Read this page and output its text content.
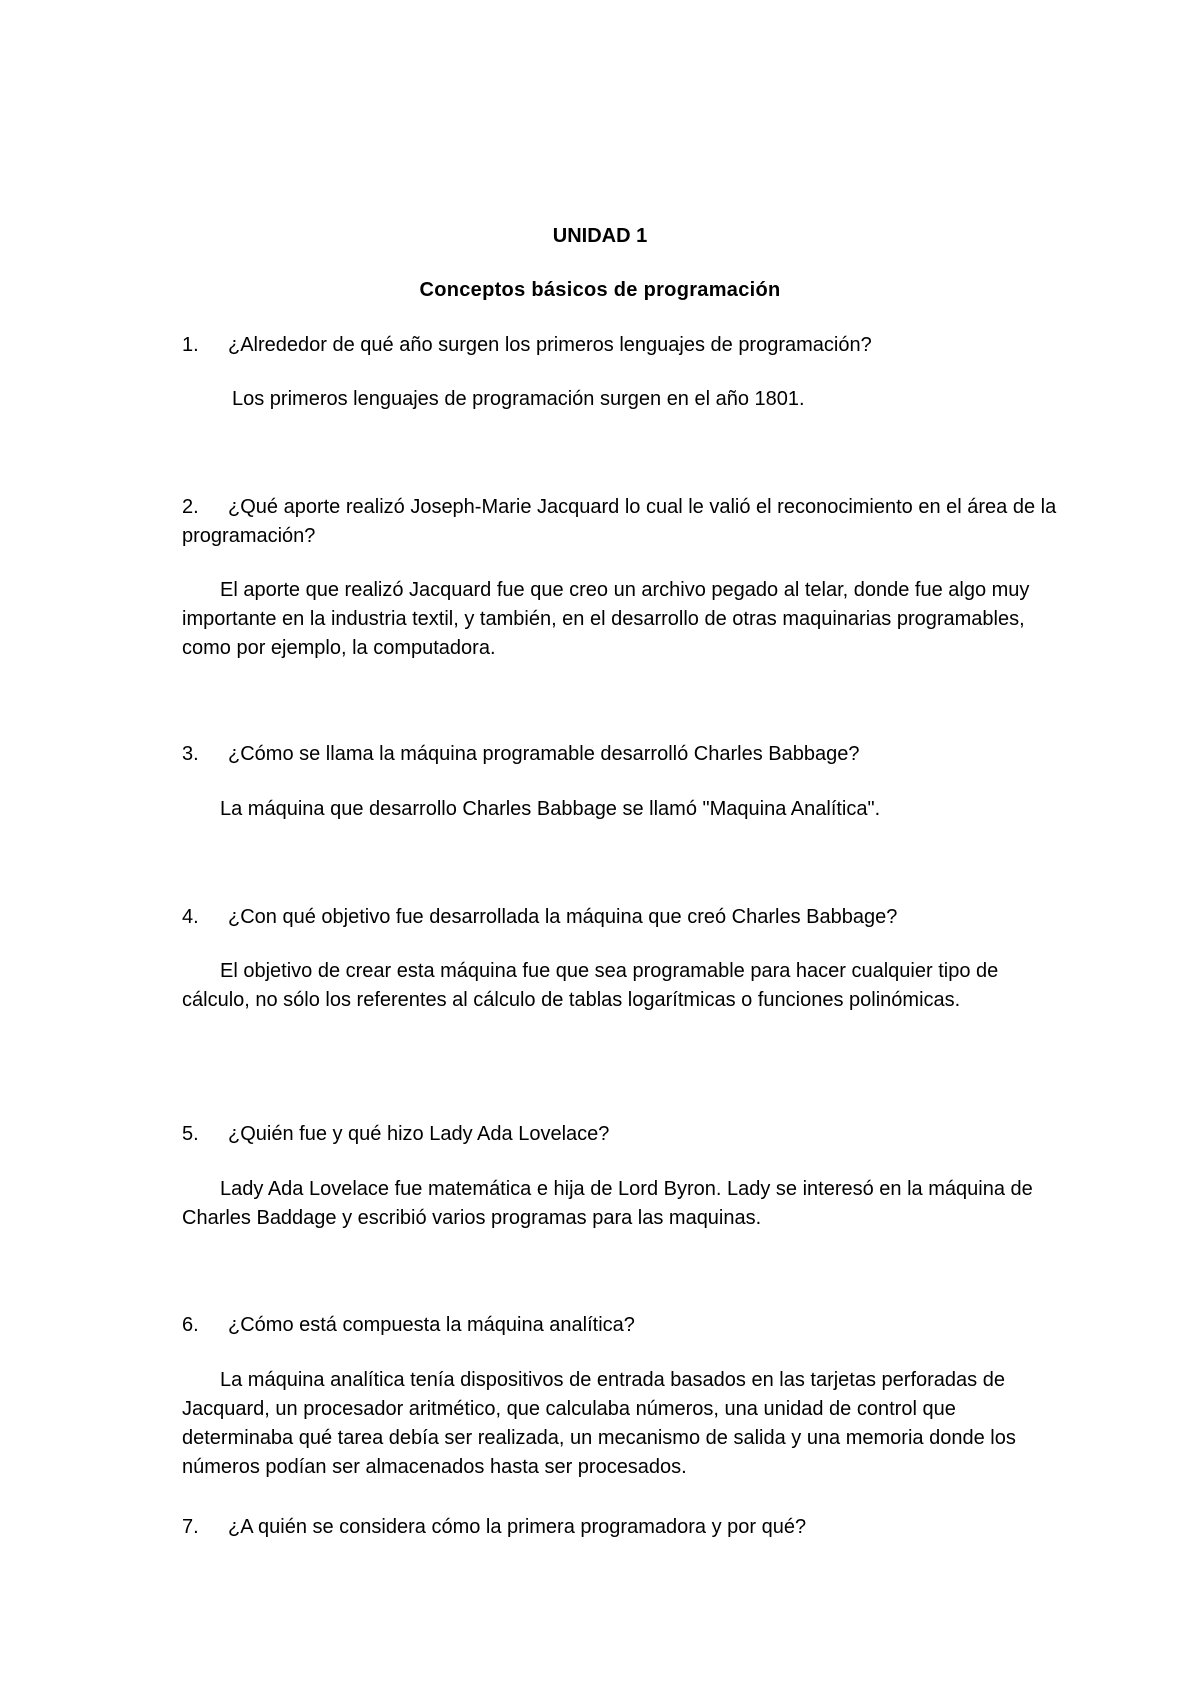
UNIDAD 1
Conceptos básicos de programación
1. ¿Alrededor de qué año surgen los primeros lenguajes de programación?

Los primeros lenguajes de programación surgen en el año 1801.

2. ¿Qué aporte realizó Joseph-Marie Jacquard lo cual le valió el reconocimiento en el área de la programación?

El aporte que realizó Jacquard fue que creo un archivo pegado al telar, donde fue algo muy importante en la industria textil, y también, en el desarrollo de otras maquinarias programables, como por ejemplo, la computadora.

3. ¿Cómo se llama la máquina programable desarrolló Charles Babbage?

La máquina que desarrollo Charles Babbage se llamó "Maquina Analítica".

4. ¿Con qué objetivo fue desarrollada la máquina que creó Charles Babbage?

El objetivo de crear esta máquina fue que sea programable para hacer cualquier tipo de cálculo, no sólo los referentes al cálculo de tablas logarítmicas o funciones polinómicas.

5. ¿Quién fue y qué hizo Lady Ada Lovelace?

Lady Ada Lovelace fue matemática e hija de Lord Byron. Lady se interesó en la máquina de Charles Baddage y escribió varios programas para las maquinas.

6. ¿Cómo está compuesta la máquina analítica?

La máquina analítica tenía dispositivos de entrada basados en las tarjetas perforadas de Jacquard, un procesador aritmético, que calculaba números, una unidad de control que determinaba qué tarea debía ser realizada, un mecanismo de salida y una memoria donde los números podían ser almacenados hasta ser procesados.

7. ¿A quién se considera cómo la primera programadora y por qué?
